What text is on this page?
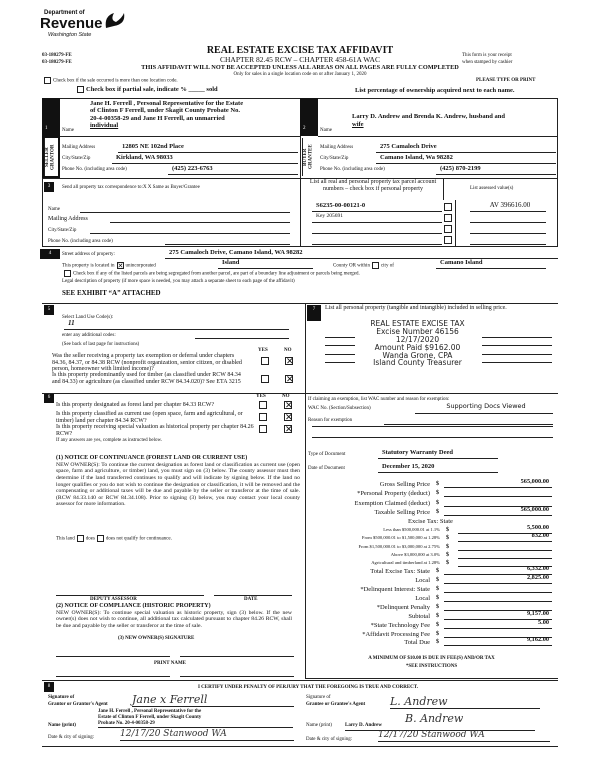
Department of
Revenue
Washington State
03-180279-FE
03-180279-FE
REAL ESTATE EXCISE TAX AFFIDAVIT
CHAPTER 82.45 RCW – CHAPTER 458-61A WAC
THIS AFFIDAVIT WILL NOT BE ACCEPTED UNLESS ALL AREAS ON ALL PAGES ARE FULLY COMPLETED
Only for sales in a single location code on or after January 1, 2020
This form is your receipt
when stamped by cashier
Check box if the sale occurred is more than one location code.	PLEASE TYPE OR PRINT
Check box if partial sale, indicate % _____ sold	List percentage of ownership acquired next to each name.
1	2
SELLER GRANTOR	BUYER GRANTEE
Name
Jane H. Ferrell , Personal Representative for the Estate
of Clinton F Ferrell, under Skagit County Probate No.
20-4-00358-29 and Jane H Ferrell, an unmarried
individual
Mailing Address	12805 NE 102nd Place
City/State/Zip	Kirkland, WA 98033
Phone No. (including area code)	(425) 223-6763
Name
Larry D. Andrew and Brenda K. Andrew, husband and
wife
Mailing Address	275 Camaloch Drive
City/State/Zip	Camano Island, Wa 98282
Phone No. (including area code)	(425) 870-2199
3	Send all property tax correspondence to:X X Same as Buyer/Grantee
List all real and personal property tax parcel account numbers – check box if personal property	List assessed value(s)
Name
Mailing Address
City/State/Zip
Phone No. (including area code)
S6235-00-00121-0
Key 205691
AV 396616.00
4	Street address of property:	275 Camaloch Drive, Camano Island, WA 98282
This property is located in ✕ unincorporated
Island
County OR within city of
Camano Island
Check box if any of the listed parcels are being segregated from another parcel, are part of a boundary line adjustment or parcels being merged.
Legal description of property (if more space is needed, you may attach a separate sheet to each page of the affidavit)
SEE EXHIBIT “A” ATTACHED
5
Select Land Use Code(s):
11
enter any additional codes:
(See back of last page for instructions)
YES	NO
Was the seller receiving a property tax exemption or deferral under chapters 84.36, 84.37, or 84.38 RCW (nonprofit organization, senior citizen, or disabled person, homeowner with limited income)?
✕
Is this property predominantly used for timber (as classified under RCW 84.34 and 84.33) or agriculture (as classified under RCW 84.34.020)? See ETA 3215	✕
6	YES	NO
Is this property designated as forest land per chapter 84.33 RCW?	✕
Is this property classified as current use (open space, farm and agricultural, or timber) land per chapter 84.34 RCW?	✕
Is this property receiving special valuation as historical property per chapter 84.26 RCW?	✕
If any answers are yes, complete as instructed below.
(1) NOTICE OF CONTINUANCE (FOREST LAND OR CURRENT USE)
NEW OWNER(S): To continue the current designation as forest land or classification as current use (open space, farm and agriculture, or timber) land, you must sign on (3) below. The county assessor must then determine if the land transferred continues to qualify and will indicate by signing below. If the land no longer qualifies or you do not wish to continue the designation or classification, it will be removed and the compensating or additional taxes will be due and payable by the seller or transferor at the time of sale. (RCW 84.33.140 or RCW 84.34.108). Prior to signing (3) below, you may contact your local county assessor for more information.
This land does does not qualify for continuance.
DEPUTY ASSESSOR	DATE
(2) NOTICE OF COMPLIANCE (HISTORIC PROPERTY)
NEW OWNER(S): To continue special valuation as historic property, sign (3) below. If the new owner(s) does not wish to continue, all additional tax calculated pursuant to chapter 84.26 RCW, shall be due and payable by the seller or transferor at the time of sale.
(3) NEW OWNER(S) SIGNATURE
PRINT NAME
7	List all personal property (tangible and intangible) included in selling price.
REAL ESTATE EXCISE TAX
Excise Number 46156
12/17/2020
Amount Paid $9162.00
Wanda Grone, CPA
Island County Treasurer
If claiming an exemption, list WAC number and reason for exemption:
WAC No. (Section/Subsection)	Supporting Docs Viewed
Reason for exemption
Type of Document	Statutory Warranty Deed
Date of Document	December 15, 2020
Gross Selling Price $	565,000.00
*Personal Property (deduct) $
Exemption Claimed (deduct) $
Taxable Selling Price $	565,000.00
Excise Tax: State
Less than $500,000.01 at 1.1% $	5,500.00
From $500,000.01 to $1,500,000 at 1.28% $	832.00
From $1,500,000.01 to $3,000,000 at 2.75% $
Above $3,000,000 at 3.0% $
Agricultural and timberland at 1.28% $
Total Excise Tax: State $	6,332.00
Local $	2,825.00
*Delinquent Interest: State $
Local $
*Delinquent Penalty $
Subtotal $	9,157.00
*State Technology Fee $	5.00
*Affidavit Processing Fee $
Total Due $	9,162.00
A MINIMUM OF $10.00 IS DUE IN FEE(S) AND/OR TAX
*SEE INSTRUCTIONS
8	I CERTIFY UNDER PENALTY OF PERJURY THAT THE FOREGOING IS TRUE AND CORRECT.
Signature of
Grantor or Grantor's Agent Jane x Ferrell
Jane H. Ferrell , Personal Representative for the
Estate of Clinton F Ferrell, under Skagit County
Probate No. 20-4-00358-29
Name (print)
Date & city of signing:	12/17/20 Stanwood WA
Signature of
Grantee or Grantee's Agent L. Andrew
Name (print)	Larry D. Andrew
B. Andrew
Date & city of signing:	12/17/20 Stanwood WA
